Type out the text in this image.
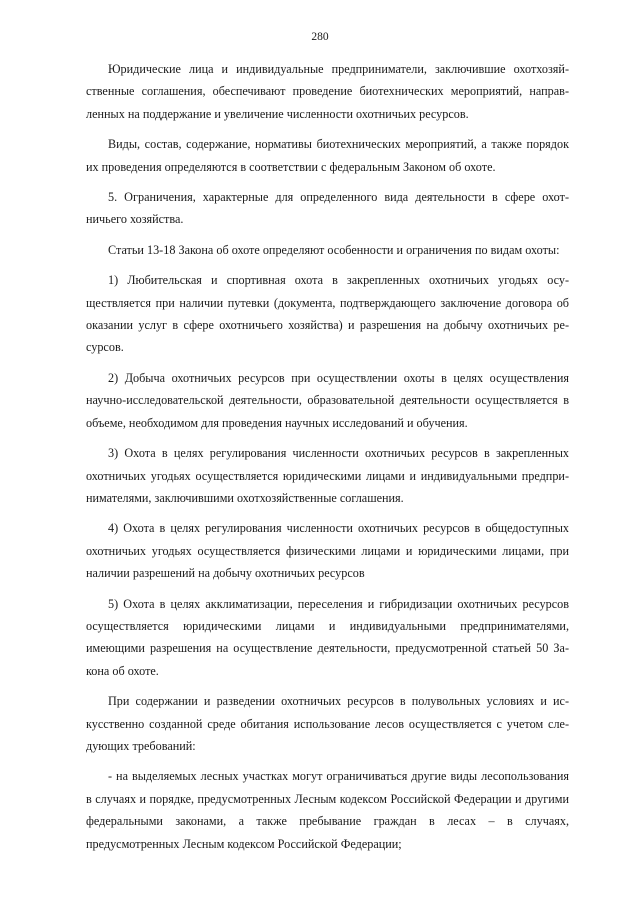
280

Юридические лица и индивидуальные предприниматели, заключившие охотхозяйственные соглашения, обеспечивают проведение биотехнических мероприятий, направленных на поддержание и увеличение численности охотничьих ресурсов.

Виды, состав, содержание, нормативы биотехнических мероприятий, а также порядок их проведения определяются в соответствии с федеральным Законом об охоте.

5. Ограничения, характерные для определенного вида деятельности в сфере охотничьего хозяйства.

Статьи 13-18 Закона об охоте определяют особенности и ограничения по видам охоты:

1) Любительская и спортивная охота в закрепленных охотничьих угодьях осуществляется при наличии путевки (документа, подтверждающего заключение договора об оказании услуг в сфере охотничьего хозяйства) и разрешения на добычу охотничьих ресурсов.

2) Добыча охотничьих ресурсов при осуществлении охоты в целях осуществления научно-исследовательской деятельности, образовательной деятельности осуществляется в объеме, необходимом для проведения научных исследований и обучения.

3) Охота в целях регулирования численности охотничьих ресурсов в закрепленных охотничьих угодьях осуществляется юридическими лицами и индивидуальными предпринимателями, заключившими охотхозяйственные соглашения.

4) Охота в целях регулирования численности охотничьих ресурсов в общедоступных охотничьих угодьях осуществляется физическими лицами и юридическими лицами, при наличии разрешений на добычу охотничьих ресурсов

5) Охота в целях акклиматизации, переселения и гибридизации охотничьих ресурсов осуществляется юридическими лицами и индивидуальными предпринимателями, имеющими разрешения на осуществление деятельности, предусмотренной статьей 50 Закона об охоте.

При содержании и разведении охотничьих ресурсов в полувольных условиях и искусственно созданной среде обитания использование лесов осуществляется с учетом следующих требований:

- на выделяемых лесных участках могут ограничиваться другие виды лесопользования в случаях и порядке, предусмотренных Лесным кодексом Российской Федерации и другими федеральными законами, а также пребывание граждан в лесах – в случаях, предусмотренных Лесным кодексом Российской Федерации;
